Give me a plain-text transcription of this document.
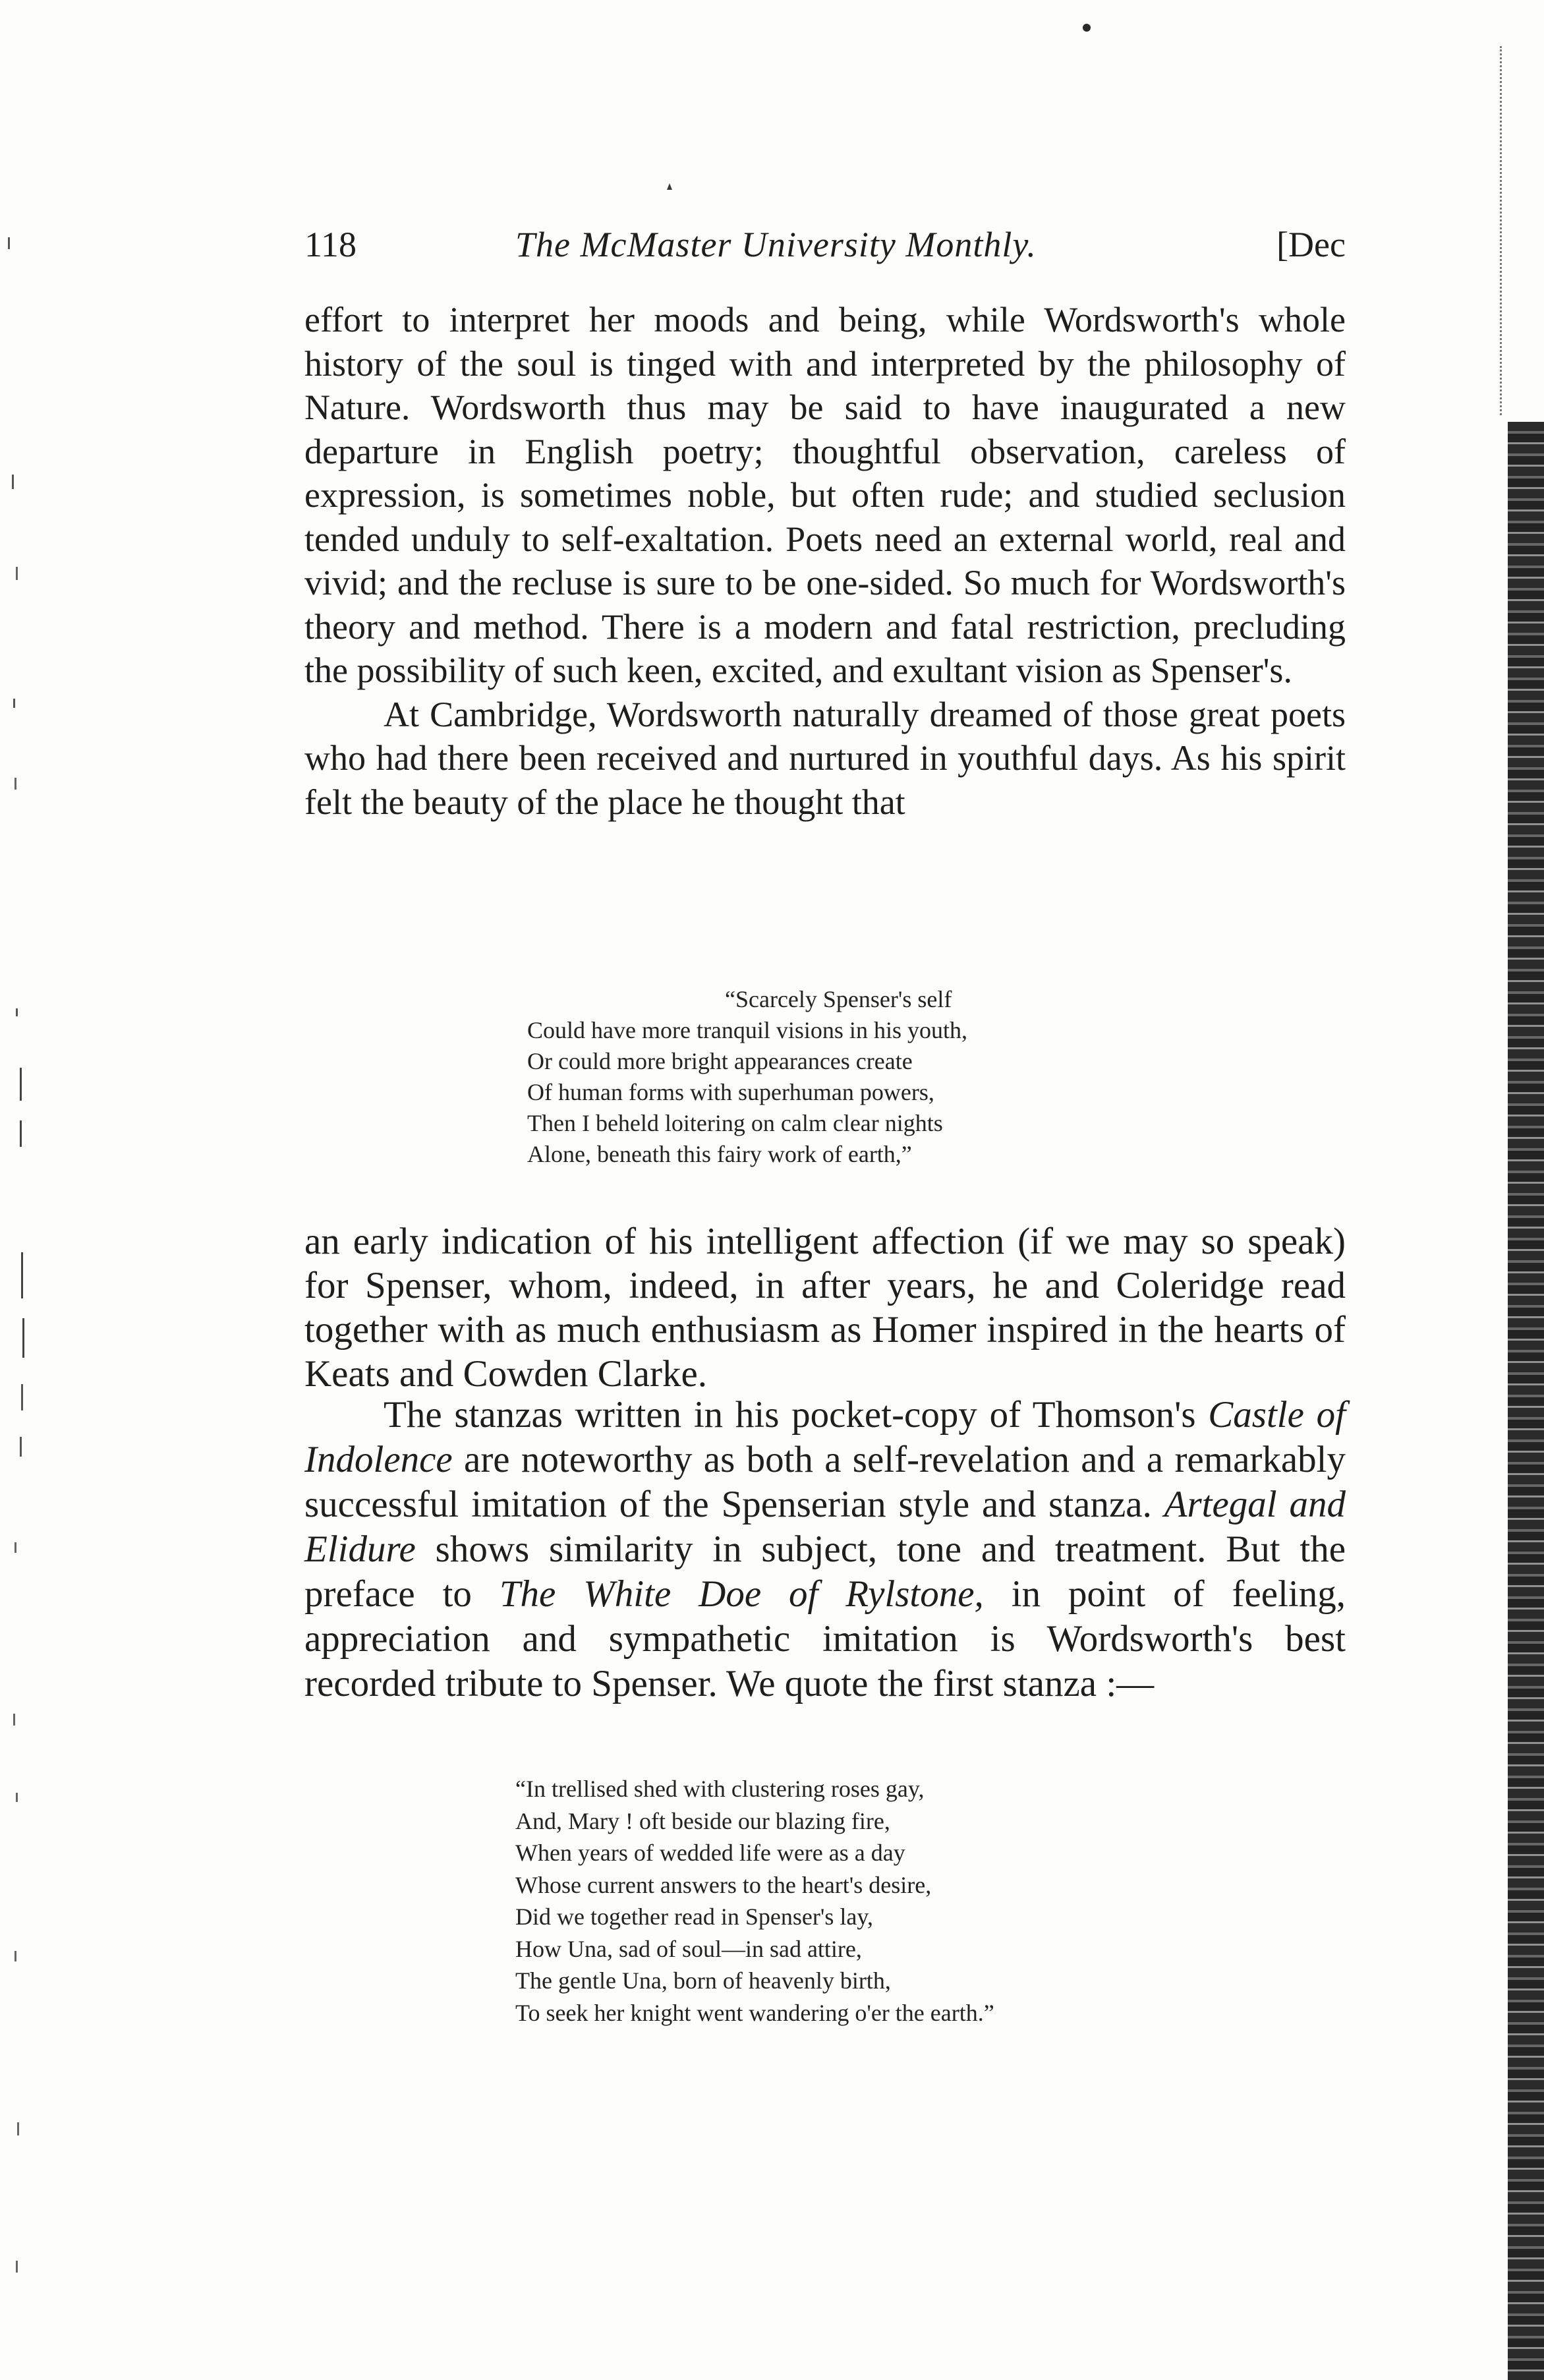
118	The McMaster University Monthly.	[Dec

effort to interpret her moods and being, while Wordsworth's whole history of the soul is tinged with and interpreted by the philosophy of Nature. Wordsworth thus may be said to have inaugurated a new departure in English poetry; thoughtful observation, careless of expression, is sometimes noble, but often rude; and studied seclusion tended unduly to self-exaltation. Poets need an external world, real and vivid; and the recluse is sure to be one-sided. So much for Wordsworth's theory and method. There is a modern and fatal restriction, precluding the possibility of such keen, excited, and exultant vision as Spenser's.

At Cambridge, Wordsworth naturally dreamed of those great poets who had there been received and nurtured in youthful days. As his spirit felt the beauty of the place he thought that

“Scarcely Spenser's self
Could have more tranquil visions in his youth,
Or could more bright appearances create
Of human forms with superhuman powers,
Then I beheld loitering on calm clear nights
Alone, beneath this fairy work of earth,”

an early indication of his intelligent affection (if we may so speak) for Spenser, whom, indeed, in after years, he and Coleridge read together with as much enthusiasm as Homer inspired in the hearts of Keats and Cowden Clarke.

The stanzas written in his pocket-copy of Thomson's Castle of Indolence are noteworthy as both a self-revelation and a remarkably successful imitation of the Spenserian style and stanza. Artegal and Elidure shows similarity in subject, tone and treatment. But the preface to The White Doe of Rylstone, in point of feeling, appreciation and sympathetic imitation is Wordsworth's best recorded tribute to Spenser. We quote the first stanza :—

“In trellised shed with clustering roses gay,
And, Mary ! oft beside our blazing fire,
When years of wedded life were as a day
Whose current answers to the heart's desire,
Did we together read in Spenser's lay,
How Una, sad of soul—in sad attire,
The gentle Una, born of heavenly birth,
To seek her knight went wandering o'er the earth.”
